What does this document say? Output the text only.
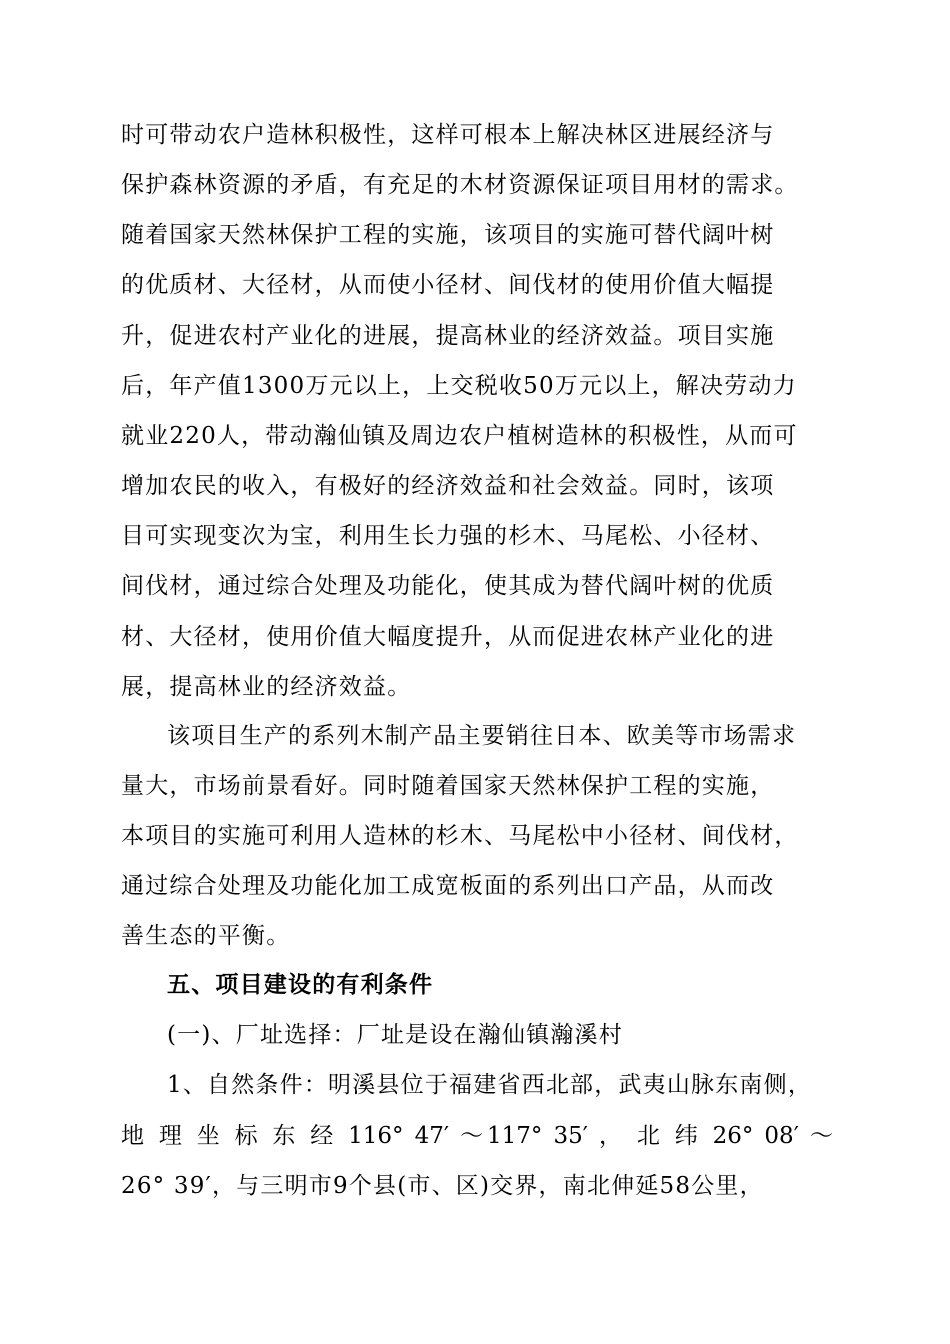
时可带动农户造林积极性，这样可根本上解决林区进展经济与
保护森林资源的矛盾，有充足的木材资源保证项目用材的需求。
随着国家天然林保护工程的实施，该项目的实施可替代阔叶树
的优质材、大径材，从而使小径材、间伐材的使用价值大幅提
升，促进农村产业化的进展，提高林业的经济效益。项目实施
后，年产值1300万元以上，上交税收50万元以上，解决劳动力
就业220人，带动瀚仙镇及周边农户植树造林的积极性，从而可
增加农民的收入，有极好的经济效益和社会效益。同时，该项
目可实现变次为宝，利用生长力强的杉木、马尾松、小径材、
间伐材，通过综合处理及功能化，使其成为替代阔叶树的优质
材、大径材，使用价值大幅度提升，从而促进农林产业化的进
展，提高林业的经济效益。
该项目生产的系列木制产品主要销往日本、欧美等市场需求
量大，市场前景看好。同时随着国家天然林保护工程的实施，
本项目的实施可利用人造林的杉木、马尾松中小径材、间伐材，
通过综合处理及功能化加工成宽板面的系列出口产品，从而改
善生态的平衡。
五、项目建设的有利条件
(一)、厂址选择：厂址是设在瀚仙镇瀚溪村
1、自然条件：明溪县位于福建省西北部，武夷山脉东南侧，
地 理 坐 标 东 经 116° 47′ ～117° 35′ ， 北 纬 26° 08′ ～
26° 39′，与三明市9个县(市、区)交界，南北伸延58公里，
